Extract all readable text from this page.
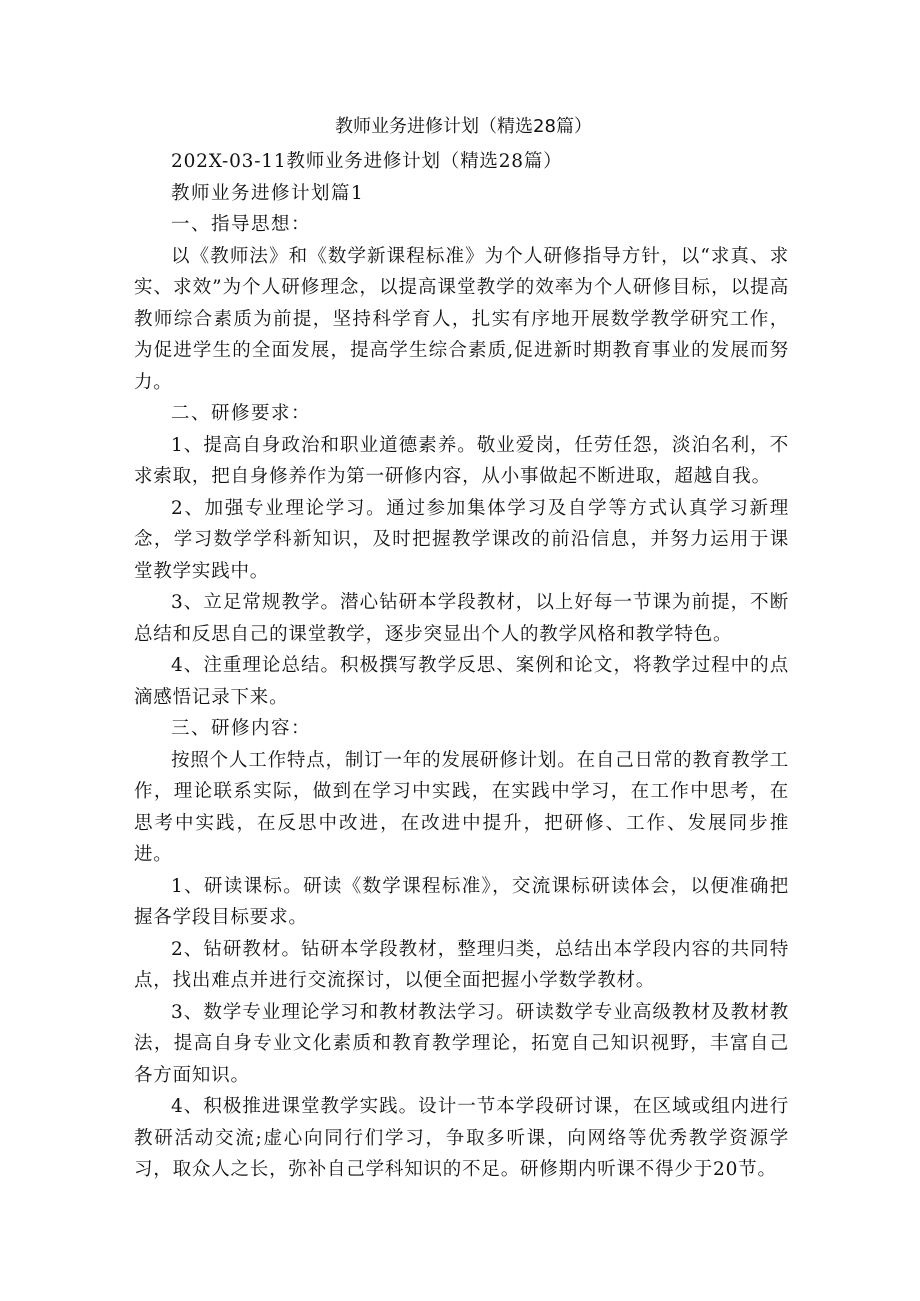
教师业务进修计划（精选28篇）

202X-03-11教师业务进修计划（精选28篇）

教师业务进修计划篇1

一、指导思想：

以《教师法》和《数学新课程标准》为个人研修指导方针，以“求真、求实、求效”为个人研修理念，以提高课堂教学的效率为个人研修目标，以提高教师综合素质为前提，坚持科学育人，扎实有序地开展数学教学研究工作，为促进学生的全面发展，提高学生综合素质,促进新时期教育事业的发展而努力。

二、研修要求：

1、提高自身政治和职业道德素养。敬业爱岗，任劳任怨，淡泊名利，不求索取，把自身修养作为第一研修内容，从小事做起不断进取，超越自我。

2、加强专业理论学习。通过参加集体学习及自学等方式认真学习新理念，学习数学学科新知识，及时把握教学课改的前沿信息，并努力运用于课堂教学实践中。

3、立足常规教学。潜心钻研本学段教材，以上好每一节课为前提，不断总结和反思自己的课堂教学，逐步突显出个人的教学风格和教学特色。

4、注重理论总结。积极撰写教学反思、案例和论文，将教学过程中的点滴感悟记录下来。

三、研修内容：

按照个人工作特点，制订一年的发展研修计划。在自己日常的教育教学工作，理论联系实际，做到在学习中实践，在实践中学习，在工作中思考，在思考中实践，在反思中改进，在改进中提升，把研修、工作、发展同步推进。

1、研读课标。研读《数学课程标准》，交流课标研读体会，以便准确把握各学段目标要求。

2、钻研教材。钻研本学段教材，整理归类，总结出本学段内容的共同特点，找出难点并进行交流探讨，以便全面把握小学数学教材。

3、数学专业理论学习和教材教法学习。研读数学专业高级教材及教材教法，提高自身专业文化素质和教育教学理论，拓宽自己知识视野，丰富自己各方面知识。

4、积极推进课堂教学实践。设计一节本学段研讨课，在区域或组内进行教研活动交流;虚心向同行们学习，争取多听课，向网络等优秀教学资源学习，取众人之长，弥补自己学科知识的不足。研修期内听课不得少于20节。
